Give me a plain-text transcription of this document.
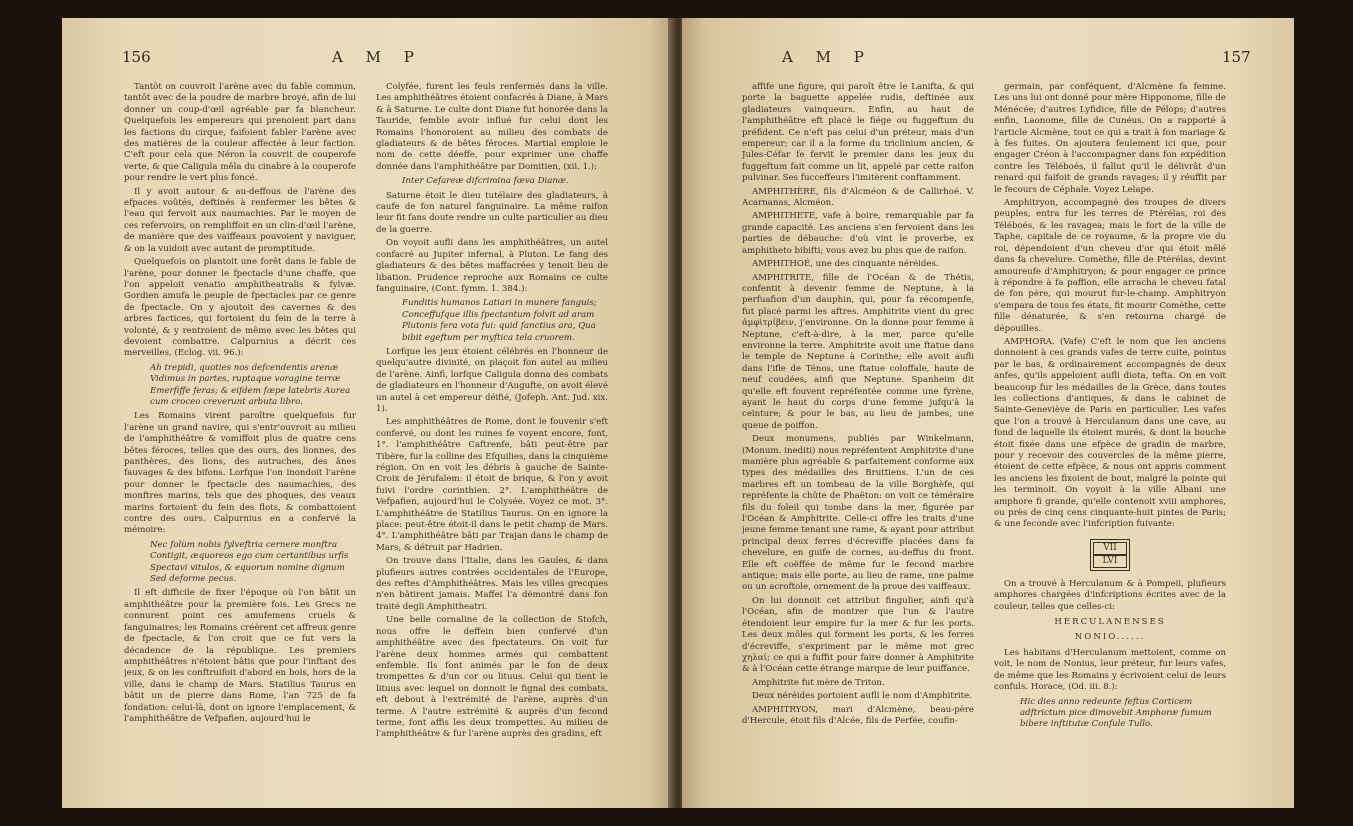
156	A M P

Tantôt on couvroit l'arène avec du fable commun, tantôt avec de la poudre de marbre broyé, afin de lui donner un coup-d'œil agréable par fa blancheur. Quelquefois les empereurs qui prenoient part dans les factions du cirque, faifoient fabler l'arène avec des matières de la couleur affectée à leur faction. C'eft pour cela que Néron la couvrit de couperofe verte, & que Caligula mêla du cinabre à la couperofe pour rendre le vert plus foncé.

Il y avoit autour & au-deffous de l'arène des efpaces voûtés, deftinés à renfermer les bêtes & l'eau qui fervoit aux naumachies. Par le moyen de ces refervoirs, on rempliffoit en un clin-d'œil l'arène, de manière que des vaiffeaux pouvoient y naviguer, & on la vuidoit avec autant de promptitude.

Quelquefois on plantoit une forêt dans le fable de l'arène, pour donner le fpectacle d'une chaffe, que l'on appeloit venatio amphitheatralis & fylvæ. Gordien amufa le peuple de fpectacles par ce genre de fpectacle. On y ajoutoit des cavernes & des arbres factices, qui fortoient du fein de la terre à volonté, & y rentroient de même avec les bêtes qui devoient combattre. Calpurnius a décrit ces merveilles, (Eclog. vii. 96.):

Ah trepidi, quoties nos defcendentis arenæ Vidimus in partes, ruptaque voragine terræ Emerfiffe feras; & eifdem fæpe latebris Aurea cum croceo creverunt arbuta libro.

Les Romains virent paroître quelquefois fur l'arène un grand navire, qui s'entr'ouvroit au milieu de l'amphithéâtre & vomiffoit plus de quatre cens bêtes féroces, telles que des ours, des lionnes, des panthères, des lions, des autruches, des ânes fauvages & des bifons. Lorfque l'on inondoit l'arène pour donner le fpectacle des naumachies, des monftres marins, tels que des phoques, des veaux marins fortoient du fein des flots, & combattoient contre des ours. Calpurnius en a confervé la mémoire:

Nec folùm nobis fylveftria cernere monftra Contigit, æquoreos ego cum certantibus urfis Spectavi vitulos, & equorum nomine dignum Sed deforme pecus.

Il eft difficile de fixer l'époque où l'on bâtit un amphithéâtre pour la première fois. Les Grecs ne connurent point ces amufemens cruels & fanguinaires; les Romains créèrent cet affreux genre de fpectacle, & l'on croit que ce fut vers la décadence de la république. Les premiers amphithéâtres n'étoient bâtis que pour l'inftant des jeux, & on les conftruifoit d'abord en bois, hors de la ville, dans le champ de Mars. Statilius Taurus en bâtit un de pierre dans Rome, l'an 725 de fa fondation: celui-là, dont on ignore l'emplacement, & l'amphithéâtre de Vefpafien, aujourd'hui le

Colyfée, furent les feuls renfermés dans la ville. Les amphithéâtres étoient confacrés à Diane, à Mars & à Saturne. Le culte dont Diane fut honorée dans la Tauride, femble avoir influé fur celui dont les Romains l'honoroient au milieu des combats de gladiateurs & de bêtes féroces. Martial emploie le nom de cette déeffe, pour exprimer une chaffe donnée dans l'amphithéâtre par Domitien, (xii. 1.):

Inter Cefareæ difcrimina fæva Dianæ.

Saturne étoit le dieu tutélaire des gladiateurs, à caufe de fon naturel fanguinaire. La même raifon leur fit fans doute rendre un culte particulier au dieu de la guerre.

On voyoit aufli dans les amphithéâtres, un autel confacré au Jupiter infernal, à Pluton. Le fang des gladiateurs & des bêtes maffacrées y tenoit lieu de libation. Prudence reproche aux Romains ce culte fanguinaire, (Cont. fymm. 1. 384.):

Funditis humanos Latiari in munere fanguis; Conceffufque illis fpectantum folvit ad aram Plutonis fera vota fui: quid fanctius ara, Qua bibit egeftum per myftica tela cruorem.

Lorfque les jeux étoient célébrés en l'honneur de quelqu'autre divinité, on plaçoit fon autel au milieu de l'arène. Ainfi, lorfque Caligula donna des combats de gladiateurs en l'honneur d'Augufte, on avoit élevé un autel à cet empereur déifié, (Jofeph. Ant. Jud. xix. 1).

Les amphithéâtres de Rome, dont le fouvenir s'eft confervé, ou dont les ruines fe voyent encore, font, 1°. l'amphithéâtre Caftrenfe, bâti peut-être par Tibère, fur la colline des Efquilies, dans la cinquième région. On en voit les débris à gauche de Sainte-Croix de Jérufalem: il étoit de brique, & l'on y avoit fuivi l'ordre corinthien. 2°. L'amphithéâtre de Vefpafien, aujourd'hui le Colysée. Voyez ce mot. 3°. L'amphithéâtre de Statilius Taurus. On en ignore la place: peut-être étoit-il dans le petit champ de Mars. 4°. L'amphithéâtre bâti par Trajan dans le champ de Mars, & détruit par Hadrien.

On trouve dans l'Italie, dans les Gaules, & dans plufieurs autres contrées occidentales de l'Europe, des reftes d'Amphithéâtres. Mais les villes grecques n'en bâtirent jamais. Maffei l'a démontré dans fon traité degli Amphitheatri.

Une belle cornaline de la collection de Stofch, nous offre le deffein bien confervé d'un amphithéâtre avec des fpectateurs. On voit fur l'arène deux hommes armés qui combattent enfemble. Ils font animés par le fon de deux trompettes & d'un cor ou lituus. Celui qui tient le lituus avec lequel on donnoit le fignal des combats, eft debout à l'extrémité de l'arène, auprès d'un terme. A l'autre extrémité & auprès d'un fecond terme, font affis les deux trompettes. Au milieu de l'amphithéâtre & fur l'arène auprès des gradins, eft

A M P	157

affife une figure, qui paroît être le Lanifta, & qui porte la baguette appelée rudis, deftinée aux gladiateurs vainqueurs. Enfin, au haut de l'amphithéâtre eft placé le fiége ou fuggeftum du préfident. Ce n'eft pas celui d'un préteur, mais d'un empereur; car il a la forme du triclinium ancien, & Jules-Céfar fe fervit le premier dans les jeux du fuggeftum fait comme un lit, appelé par cette raifon pulvinar. Ses fucceffeurs l'imitèrent conftamment.

AMPHITHÈRE, fils d'Alcméon & de Callirhoé. V. Acarnanas, Alcméon.

AMPHITHETE, vafe à boire, remarquable par fa grande capacité. Les anciens s'en fervoient dans les parties de débauche: d'où vint le proverbe, ex amphitheto bibifti; vous avez bu plus que de raifon.

AMPHITHOÉ, une des cinquante néréides.

AMPHITRITE, fille de l'Océan & de Thétis, confentit à devenir femme de Neptune, à la perfuafion d'un dauphin, qui, pour fa récompenfe, fut placé parmi les aftres. Amphitrite vient du grec ἀμφὶτρίβειν, j'environne. On la donne pour femme à Neptune, c'eft-à-dire, à la mer, parce qu'elle environne la terre. Amphitrite avoit une ftatue dans le temple de Neptune à Corinthe; elle avoit aufli dans l'ifle de Ténos, une ftatue coloffale, haute de neuf coudées, ainfi que Neptune. Spanheim dit qu'elle eft fouvent repréfentée comme une fyrène, ayant le haut du corps d'une femme jufqu'à la ceinture; & pour le bas, au lieu de jambes, une queue de poiffon.

Deux monumens, publiés par Winkelmann, (Monum. inediti) nous repréfentent Amphitrite d'une manière plus agréable & parfaitement conforme aux types des médailles des Bruttiens. L'un de ces marbres eft un tombeau de la ville Borghèfe, qui repréfente la chûte de Phaëton: on voit ce téméraire fils du foleil qui tombe dans la mer, figurée par l'Océan & Amphitrite. Celle-ci offre les traits d'une jeune femme tenant une rame, & ayant pour attribut principal deux ferres d'écreviffe placées dans fa chevelure, en guife de cornes, au-deffus du front. Elle eft coëffée de même fur le fecond marbre antique; mais elle porte, au lieu de rame, une palme ou un acroftole, ornement de la proue des vaiffeaux.

On lui donnoit cet attribut fingulier, ainfi qu'à l'Océan, afin de montrer que l'un & l'autre étendoient leur empire fur la mer & fur les ports. Les deux môles qui forment les ports, & les ferres d'écreviffe, s'expriment par le même mot grec χηλαί; ce qui a fuffit pour faire donner à Amphitrite & à l'Océan cette étrange marque de leur puiffance.

Amphitrite fut mère de Triton.

Deux néréides portoient aufli le nom d'Amphitrite.

AMPHITRYON, mari d'Alcmène, beau-père d'Hercule, étoit fils d'Alcée, fils de Perfée, coufin-

germain, par conféquent, d'Alcmène fa femme. Les uns lui ont donné pour mère Hipponome, fille de Ménécée; d'autres Lyfidice, fille de Pélops; d'autres enfin, Laonome, fille de Cunéus. On a rapporté à l'article Alcmène, tout ce qui a trait à fon mariage & à fes fuites. On ajoutera feulement ici que, pour engager Créon à l'accompagner dans fon expédition contre les Téléboés, il fallut qu'il le délivrât d'un renard qui faifoit de grands ravages; il y réuffit par le fecours de Céphale. Voyez Lelape.

Amphitryon, accompagné des troupes de divers peuples, entra fur les terres de Ptérélas, roi des Téléboés, & les ravagea; mais le fort de la ville de Taphe, capitale de ce royaume, & la propre vie du roi, dépendoient d'un cheveu d'or qui étoit mêlé dans fa chevelure. Comèthe, fille de Ptérélas, devint amoureufe d'Amphitryon; & pour engager ce prince à répondre à fa paffion, elle arracha le cheveu fatal de fon père, qui mourut fur-le-champ. Amphitryon s'empara de tous fes états, fit mourir Comèthe, cette fille dénaturée, & s'en retourna chargé de dépouilles.

AMPHORA. (Vafe) C'eft le nom que les anciens donnoient à ces grands vafes de terre cuite, pointus par le bas, & ordinairement accompagnés de deux anfes, qu'ils appeloient aufli diota, tefta. On en voit beaucoup fur les médailles de la Grèce, dans toutes les collections d'antiques, & dans le cabinet de Sainte-Geneviève de Paris en particulier. Les vafes que l'on a trouvé à Herculanum dans une cave, au fond de laquelle ils étoient murés, & dont la bouche étoit fixée dans une efpèce de gradin de marbre, pour y recevoir des couvercles de la même pierre, étoient de cette efpèce, & nous ont appris comment les anciens les fixoient de bout, malgré la pointe qui les terminoit. On voyoit à la ville Albani une amphore fi grande, qu'elle contenoit xviii amphores, ou près de cinq cens cinquante-huit pintes de Paris; & une feconde avec l'infcription fuivante:

VII
LVI

On a trouvé à Herculanum & à Pompeii, plufieurs amphores chargées d'infcriptions écrites avec de la couleur, telles que celles-ci:

HERCULANENSES

NONIO......

Les habitans d'Herculanum mettoient, comme on voit, le nom de Nonius, leur préteur, fur leurs vafes, de même que les Romains y écrivoient celui de leurs confuls. Horace, (Od. iii. 8.):

Hic dies anno redeunte feftus Corticem adftrictum pice dimovebit Amphoræ fumum bibere inftitutæ Confule Tullo.
